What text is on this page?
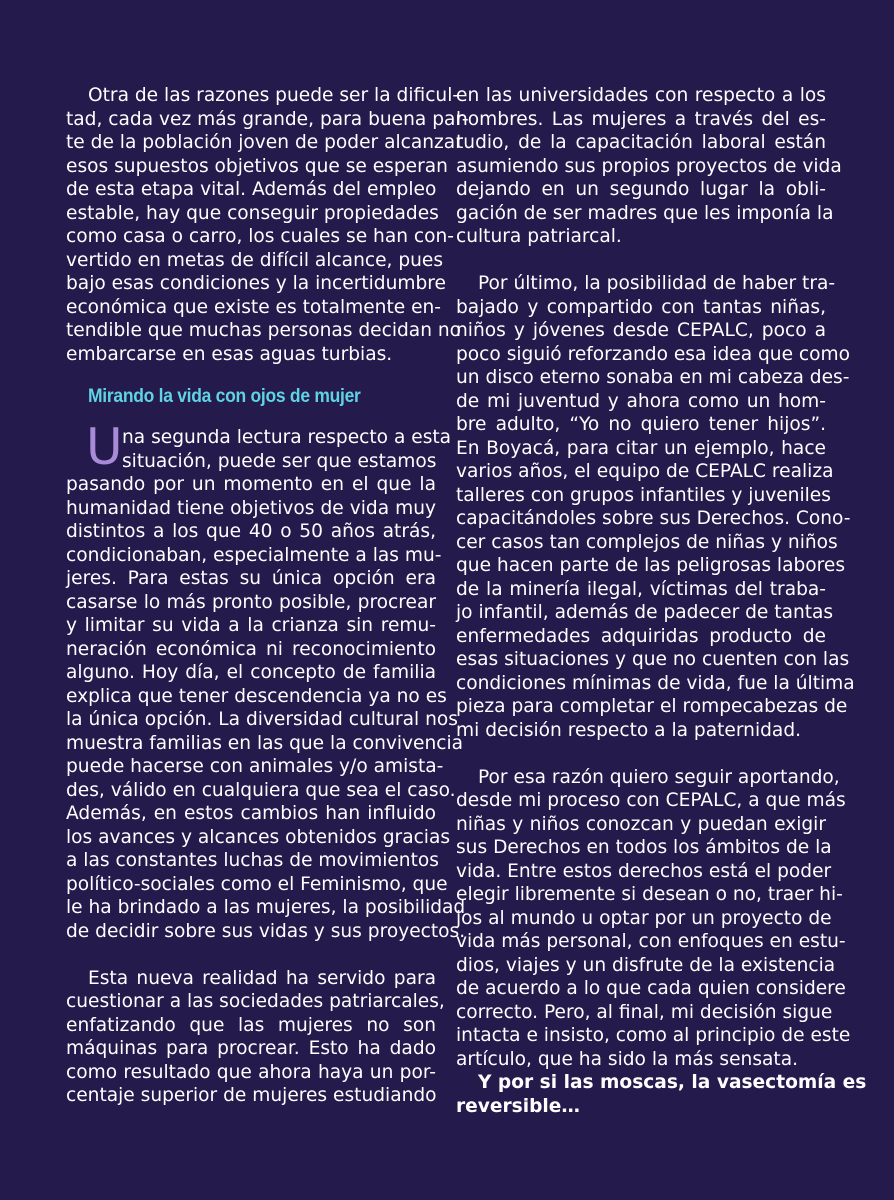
Otra de las razones puede ser la dificul-
tad, cada vez más grande, para buena par-
te de la población joven de poder alcanzar
esos supuestos objetivos que se esperan
de esta etapa vital. Además del empleo
estable, hay que conseguir propiedades
como casa o carro, los cuales se han con-
vertido en metas de difícil alcance, pues
bajo esas condiciones y la incertidumbre
económica que existe es totalmente en-
tendible que muchas personas decidan no
embarcarse en esas aguas turbias.
Mirando la vida con ojos de mujer
U na segunda lectura respecto a esta
situación, puede ser que estamos
pasando por un momento en el que la
humanidad tiene objetivos de vida muy
distintos a los que 40 o 50 años atrás,
condicionaban, especialmente a las mu-
jeres. Para estas su única opción era
casarse lo más pronto posible, procrear
y limitar su vida a la crianza sin remu-
neración económica ni reconocimiento
alguno. Hoy día, el concepto de familia
explica que tener descendencia ya no es
la única opción. La diversidad cultural nos
muestra familias en las que la convivencia
puede hacerse con animales y/o amista-
des, válido en cualquiera que sea el caso.
Además, en estos cambios han influido
los avances y alcances obtenidos gracias
a las constantes luchas de movimientos
político-sociales como el Feminismo, que
le ha brindado a las mujeres, la posibilidad
de decidir sobre sus vidas y sus proyectos.
Esta nueva realidad ha servido para
cuestionar a las sociedades patriarcales,
enfatizando que las mujeres no son
máquinas para procrear. Esto ha dado
como resultado que ahora haya un por-
centaje superior de mujeres estudiando
en las universidades con respecto a los
hombres. Las mujeres a través del es-
tudio, de la capacitación laboral están
asumiendo sus propios proyectos de vida
dejando en un segundo lugar la obli-
gación de ser madres que les imponía la
cultura patriarcal.
Por último, la posibilidad de haber tra-
bajado y compartido con tantas niñas,
niños y jóvenes desde CEPALC, poco a
poco siguió reforzando esa idea que como
un disco eterno sonaba en mi cabeza des-
de mi juventud y ahora como un hom-
bre adulto, “Yo no quiero tener hijos”.
En Boyacá, para citar un ejemplo, hace
varios años, el equipo de CEPALC realiza
talleres con grupos infantiles y juveniles
capacitándoles sobre sus Derechos. Cono-
cer casos tan complejos de niñas y niños
que hacen parte de las peligrosas labores
de la minería ilegal, víctimas del traba-
jo infantil, además de padecer de tantas
enfermedades adquiridas producto de
esas situaciones y que no cuenten con las
condiciones mínimas de vida, fue la última
pieza para completar el rompecabezas de
mi decisión respecto a la paternidad.
Por esa razón quiero seguir aportando,
desde mi proceso con CEPALC, a que más
niñas y niños conozcan y puedan exigir
sus Derechos en todos los ámbitos de la
vida. Entre estos derechos está el poder
elegir libremente si desean o no, traer hi-
jos al mundo u optar por un proyecto de
vida más personal, con enfoques en estu-
dios, viajes y un disfrute de la existencia
de acuerdo a lo que cada quien considere
correcto. Pero, al final, mi decisión sigue
intacta e insisto, como al principio de este
artículo, que ha sido la más sensata.
Y por si las moscas, la vasectomía es
reversible…
